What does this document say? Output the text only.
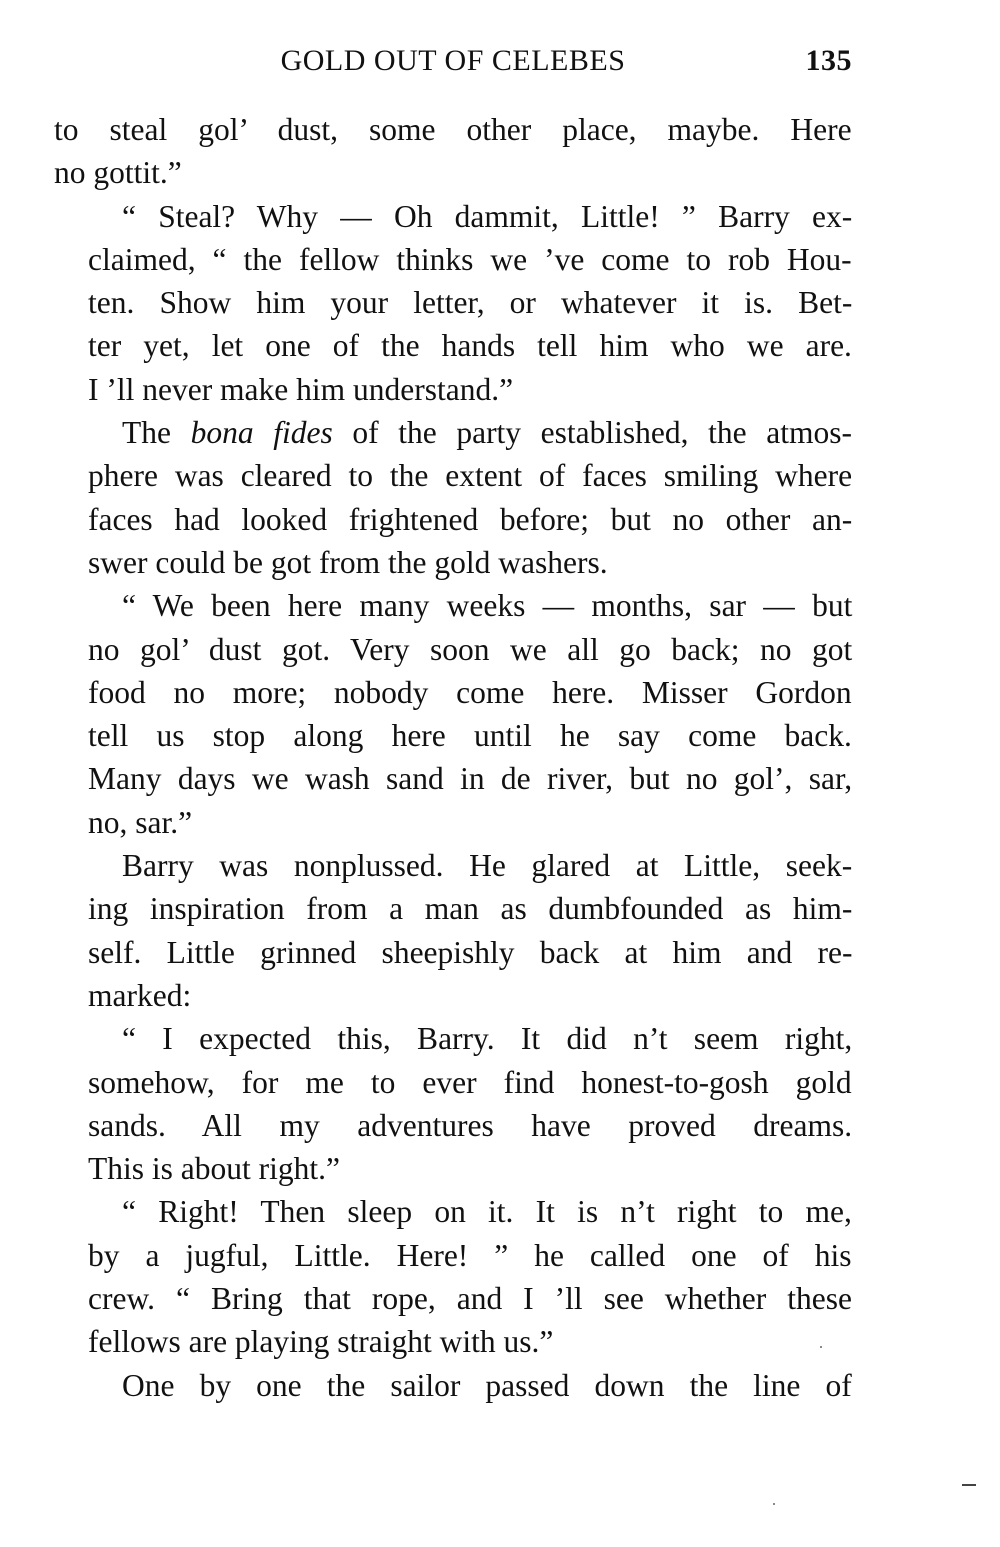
GOLD OUT OF CELEBES	135
to steal gol’ dust, some other place, maybe. Here
no gottit.”
“ Steal? Why — Oh dammit, Little! ” Barry ex-
claimed, “ the fellow thinks we ’ve come to rob Hou-
ten. Show him your letter, or whatever it is. Bet-
ter yet, let one of the hands tell him who we are.
I ’ll never make him understand.”
The bona fides of the party established, the atmos-
phere was cleared to the extent of faces smiling where
faces had looked frightened before; but no other an-
swer could be got from the gold washers.
“ We been here many weeks — months, sar — but
no gol’ dust got. Very soon we all go back; no got
food no more; nobody come here. Misser Gordon
tell us stop along here until he say come back.
Many days we wash sand in de river, but no gol’, sar,
no, sar.”
Barry was nonplussed. He glared at Little, seek-
ing inspiration from a man as dumbfounded as him-
self. Little grinned sheepishly back at him and re-
marked:
“ I expected this, Barry. It did n’t seem right,
somehow, for me to ever find honest-to-gosh gold
sands. All my adventures have proved dreams.
This is about right.”
“ Right! Then sleep on it. It is n’t right to me,
by a jugful, Little. Here! ” he called one of his
crew. “ Bring that rope, and I ’ll see whether these
fellows are playing straight with us.”
One by one the sailor passed down the line of
